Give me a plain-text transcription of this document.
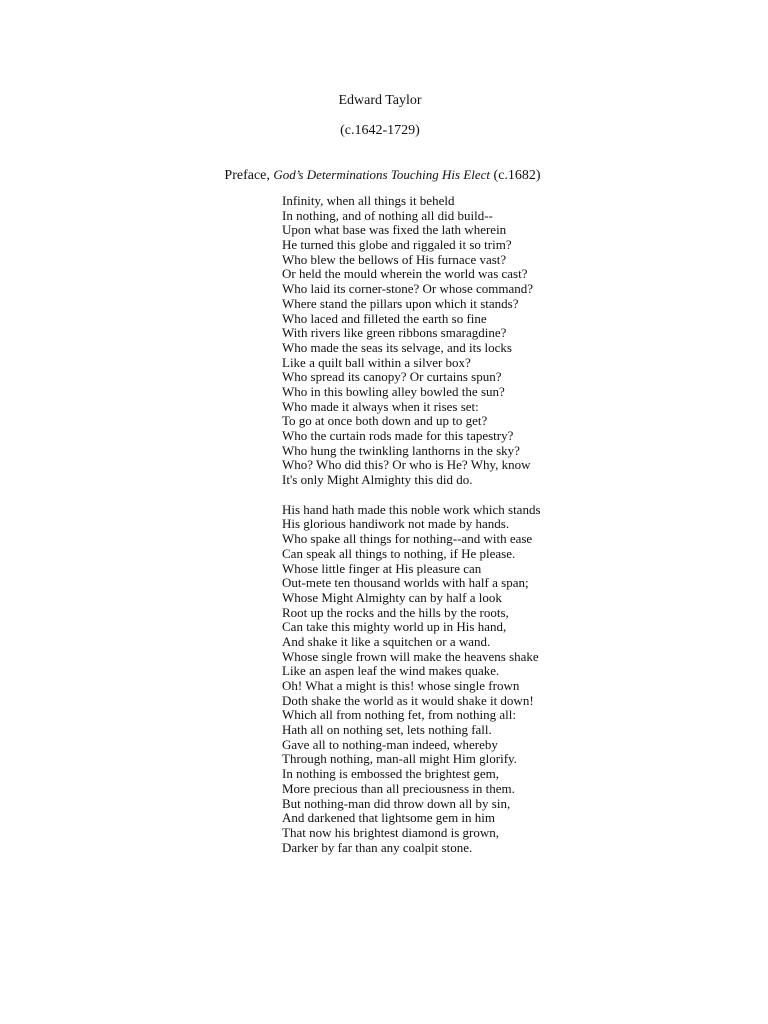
Edward Taylor
(c.1642-1729)
Preface, God’s Determinations Touching His Elect (c.1682)
Infinity, when all things it beheld
In nothing, and of nothing all did build--
Upon what base was fixed the lath wherein
He turned this globe and riggaled it so trim?
Who blew the bellows of His furnace vast?
Or held the mould wherein the world was cast?
Who laid its corner-stone? Or whose command?
Where stand the pillars upon which it stands?
Who laced and filleted the earth so fine
With rivers like green ribbons smaragdine?
Who made the seas its selvage, and its locks
Like a quilt ball within a silver box?
Who spread its canopy? Or curtains spun?
Who in this bowling alley bowled the sun?
Who made it always when it rises set:
To go at once both down and up to get?
Who the curtain rods made for this tapestry?
Who hung the twinkling lanthorns in the sky?
Who? Who did this? Or who is He? Why, know
It's only Might Almighty this did do.
His hand hath made this noble work which stands
His glorious handiwork not made by hands.
Who spake all things for nothing--and with ease
Can speak all things to nothing, if He please.
Whose little finger at His pleasure can
Out-mete ten thousand worlds with half a span;
Whose Might Almighty can by half a look
Root up the rocks and the hills by the roots,
Can take this mighty world up in His hand,
And shake it like a squitchen or a wand.
Whose single frown will make the heavens shake
Like an aspen leaf the wind makes quake.
Oh! What a might is this! whose single frown
Doth shake the world as it would shake it down!
Which all from nothing fet, from nothing all:
Hath all on nothing set, lets nothing fall.
Gave all to nothing-man indeed, whereby
Through nothing, man-all might Him glorify.
In nothing is embossed the brightest gem,
More precious than all preciousness in them.
But nothing-man did throw down all by sin,
And darkened that lightsome gem in him
That now his brightest diamond is grown,
Darker by far than any coalpit stone.
